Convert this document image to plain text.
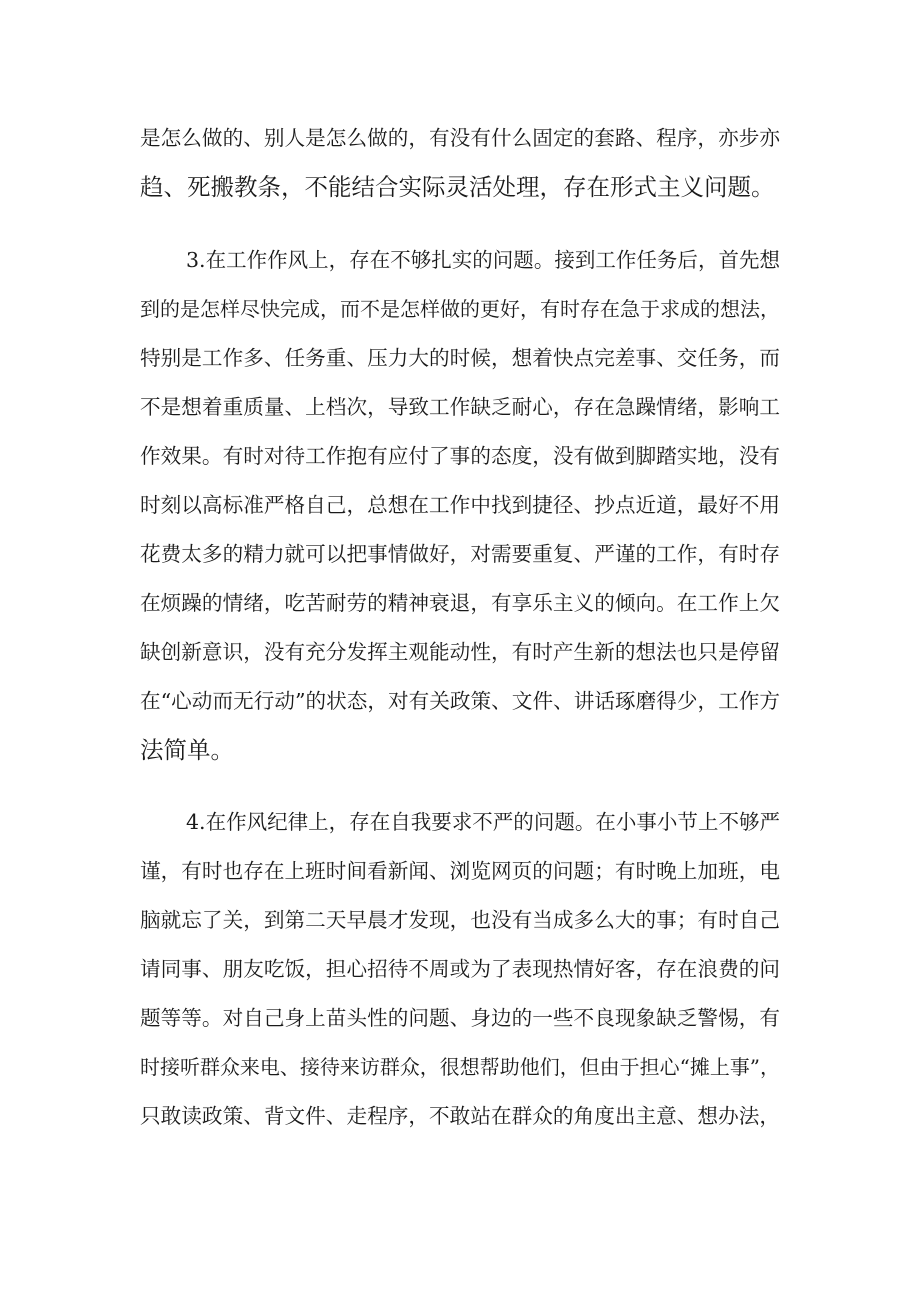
是怎么做的、别人是怎么做的，有没有什么固定的套路、程序，亦步亦
趋、死搬教条，不能结合实际灵活处理，存在形式主义问题。
3.在工作作风上，存在不够扎实的问题。接到工作任务后，首先想
到的是怎样尽快完成，而不是怎样做的更好，有时存在急于求成的想法，
特别是工作多、任务重、压力大的时候，想着快点完差事、交任务，而
不是想着重质量、上档次，导致工作缺乏耐心，存在急躁情绪，影响工
作效果。有时对待工作抱有应付了事的态度，没有做到脚踏实地，没有
时刻以高标准严格自己，总想在工作中找到捷径、抄点近道，最好不用
花费太多的精力就可以把事情做好，对需要重复、严谨的工作，有时存
在烦躁的情绪，吃苦耐劳的精神衰退，有享乐主义的倾向。在工作上欠
缺创新意识，没有充分发挥主观能动性，有时产生新的想法也只是停留
在“心动而无行动”的状态，对有关政策、文件、讲话琢磨得少，工作方
法简单。
4.在作风纪律上，存在自我要求不严的问题。在小事小节上不够严
谨，有时也存在上班时间看新闻、浏览网页的问题；有时晚上加班，电
脑就忘了关，到第二天早晨才发现，也没有当成多么大的事；有时自己
请同事、朋友吃饭，担心招待不周或为了表现热情好客，存在浪费的问
题等等。对自己身上苗头性的问题、身边的一些不良现象缺乏警惕，有
时接听群众来电、接待来访群众，很想帮助他们，但由于担心“摊上事”，
只敢读政策、背文件、走程序，不敢站在群众的角度出主意、想办法，
